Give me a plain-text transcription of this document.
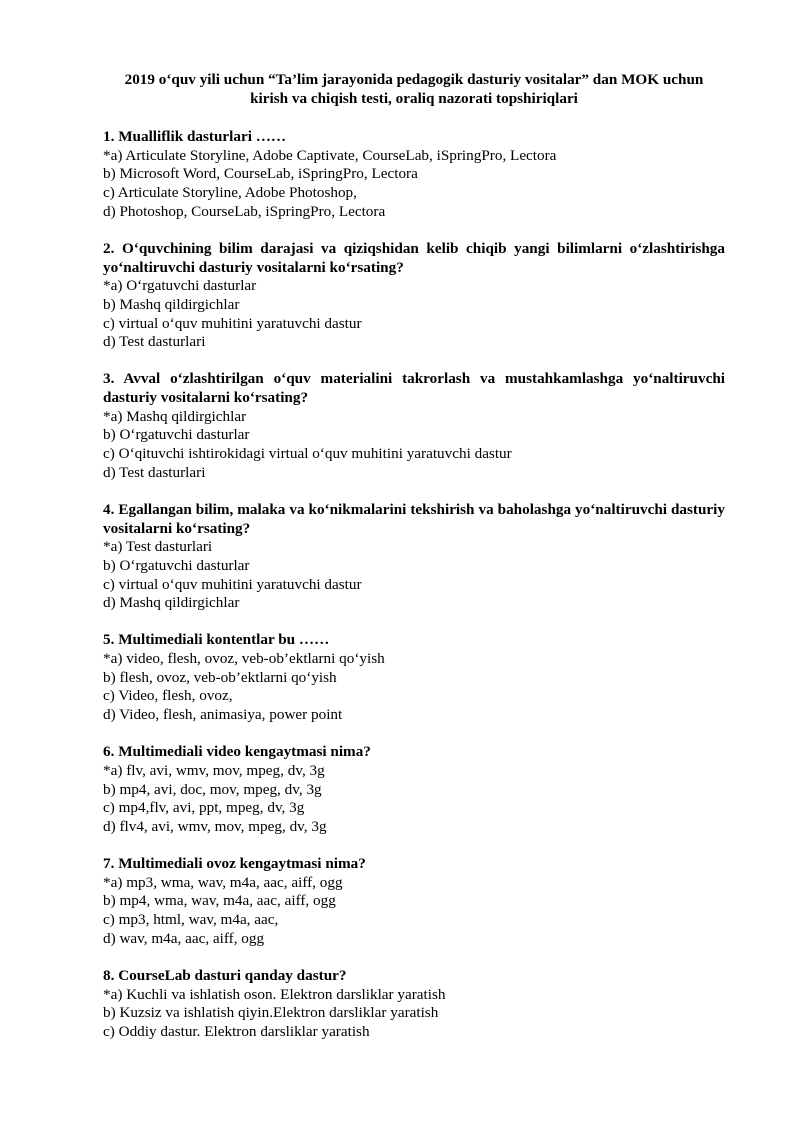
2019 o‘quv yili uchun “Ta’lim jarayonida pedagogik dasturiy vositalar” dan MOK uchun
kirish va chiqish testi, oraliq nazorati topshiriqlari
1. Mualliflik dasturlari ……
*a) Articulate Storyline, Adobe Captivate, CourseLab, iSpringPro, Lectora
b) Microsoft Word, CourseLab, iSpringPro, Lectora
c) Articulate Storyline, Adobe Photoshop,
d) Photoshop, CourseLab, iSpringPro, Lectora
2. O‘quvchining bilim darajasi va qiziqshidan kelib chiqib yangi bilimlarni o‘zlashtirishga yo‘naltiruvchi dasturiy vositalarni ko‘rsating?
*a) O‘rgatuvchi dasturlar
b) Mashq qildirgichlar
c) virtual o‘quv muhitini yaratuvchi dastur
d) Test dasturlari
3. Avval o‘zlashtirilgan o‘quv materialini takrorlash va mustahkamlashga yo‘naltiruvchi dasturiy vositalarni ko‘rsating?
*a) Mashq qildirgichlar
b) O‘rgatuvchi dasturlar
c) O‘qituvchi ishtirokidagi virtual o‘quv muhitini yaratuvchi dastur
d) Test dasturlari
4. Egallangan bilim, malaka va ko‘nikmalarini tekshirish va baholashga yo‘naltiruvchi dasturiy vositalarni ko‘rsating?
*a) Test dasturlari
b) O‘rgatuvchi dasturlar
c) virtual o‘quv muhitini yaratuvchi dastur
d) Mashq qildirgichlar
5. Multimediali kontentlar bu ……
*a) video, flesh, ovoz, veb-ob’ektlarni qo‘yish
b) flesh, ovoz, veb-ob’ektlarni qo‘yish
c) Video, flesh, ovoz,
d) Video, flesh, animasiya, power point
6. Multimediali video kengaytmasi nima?
*a) flv, avi, wmv, mov, mpeg, dv, 3g
b) mp4, avi, doc, mov, mpeg, dv, 3g
c) mp4,flv, avi, ppt, mpeg, dv, 3g
d) flv4, avi, wmv, mov, mpeg, dv, 3g
7. Multimediali ovoz kengaytmasi nima?
*a) mp3, wma, wav, m4a, aac, aiff, ogg
b) mp4, wma, wav, m4a, aac, aiff, ogg
c) mp3, html, wav, m4a, aac,
d) wav, m4a, aac, aiff, ogg
8. CourseLab dasturi qanday dastur?
*a) Kuchli va ishlatish oson. Elektron darsliklar yaratish
b) Kuzsiz va ishlatish qiyin.Elektron darsliklar yaratish
c) Oddiy dastur. Elektron darsliklar yaratish
